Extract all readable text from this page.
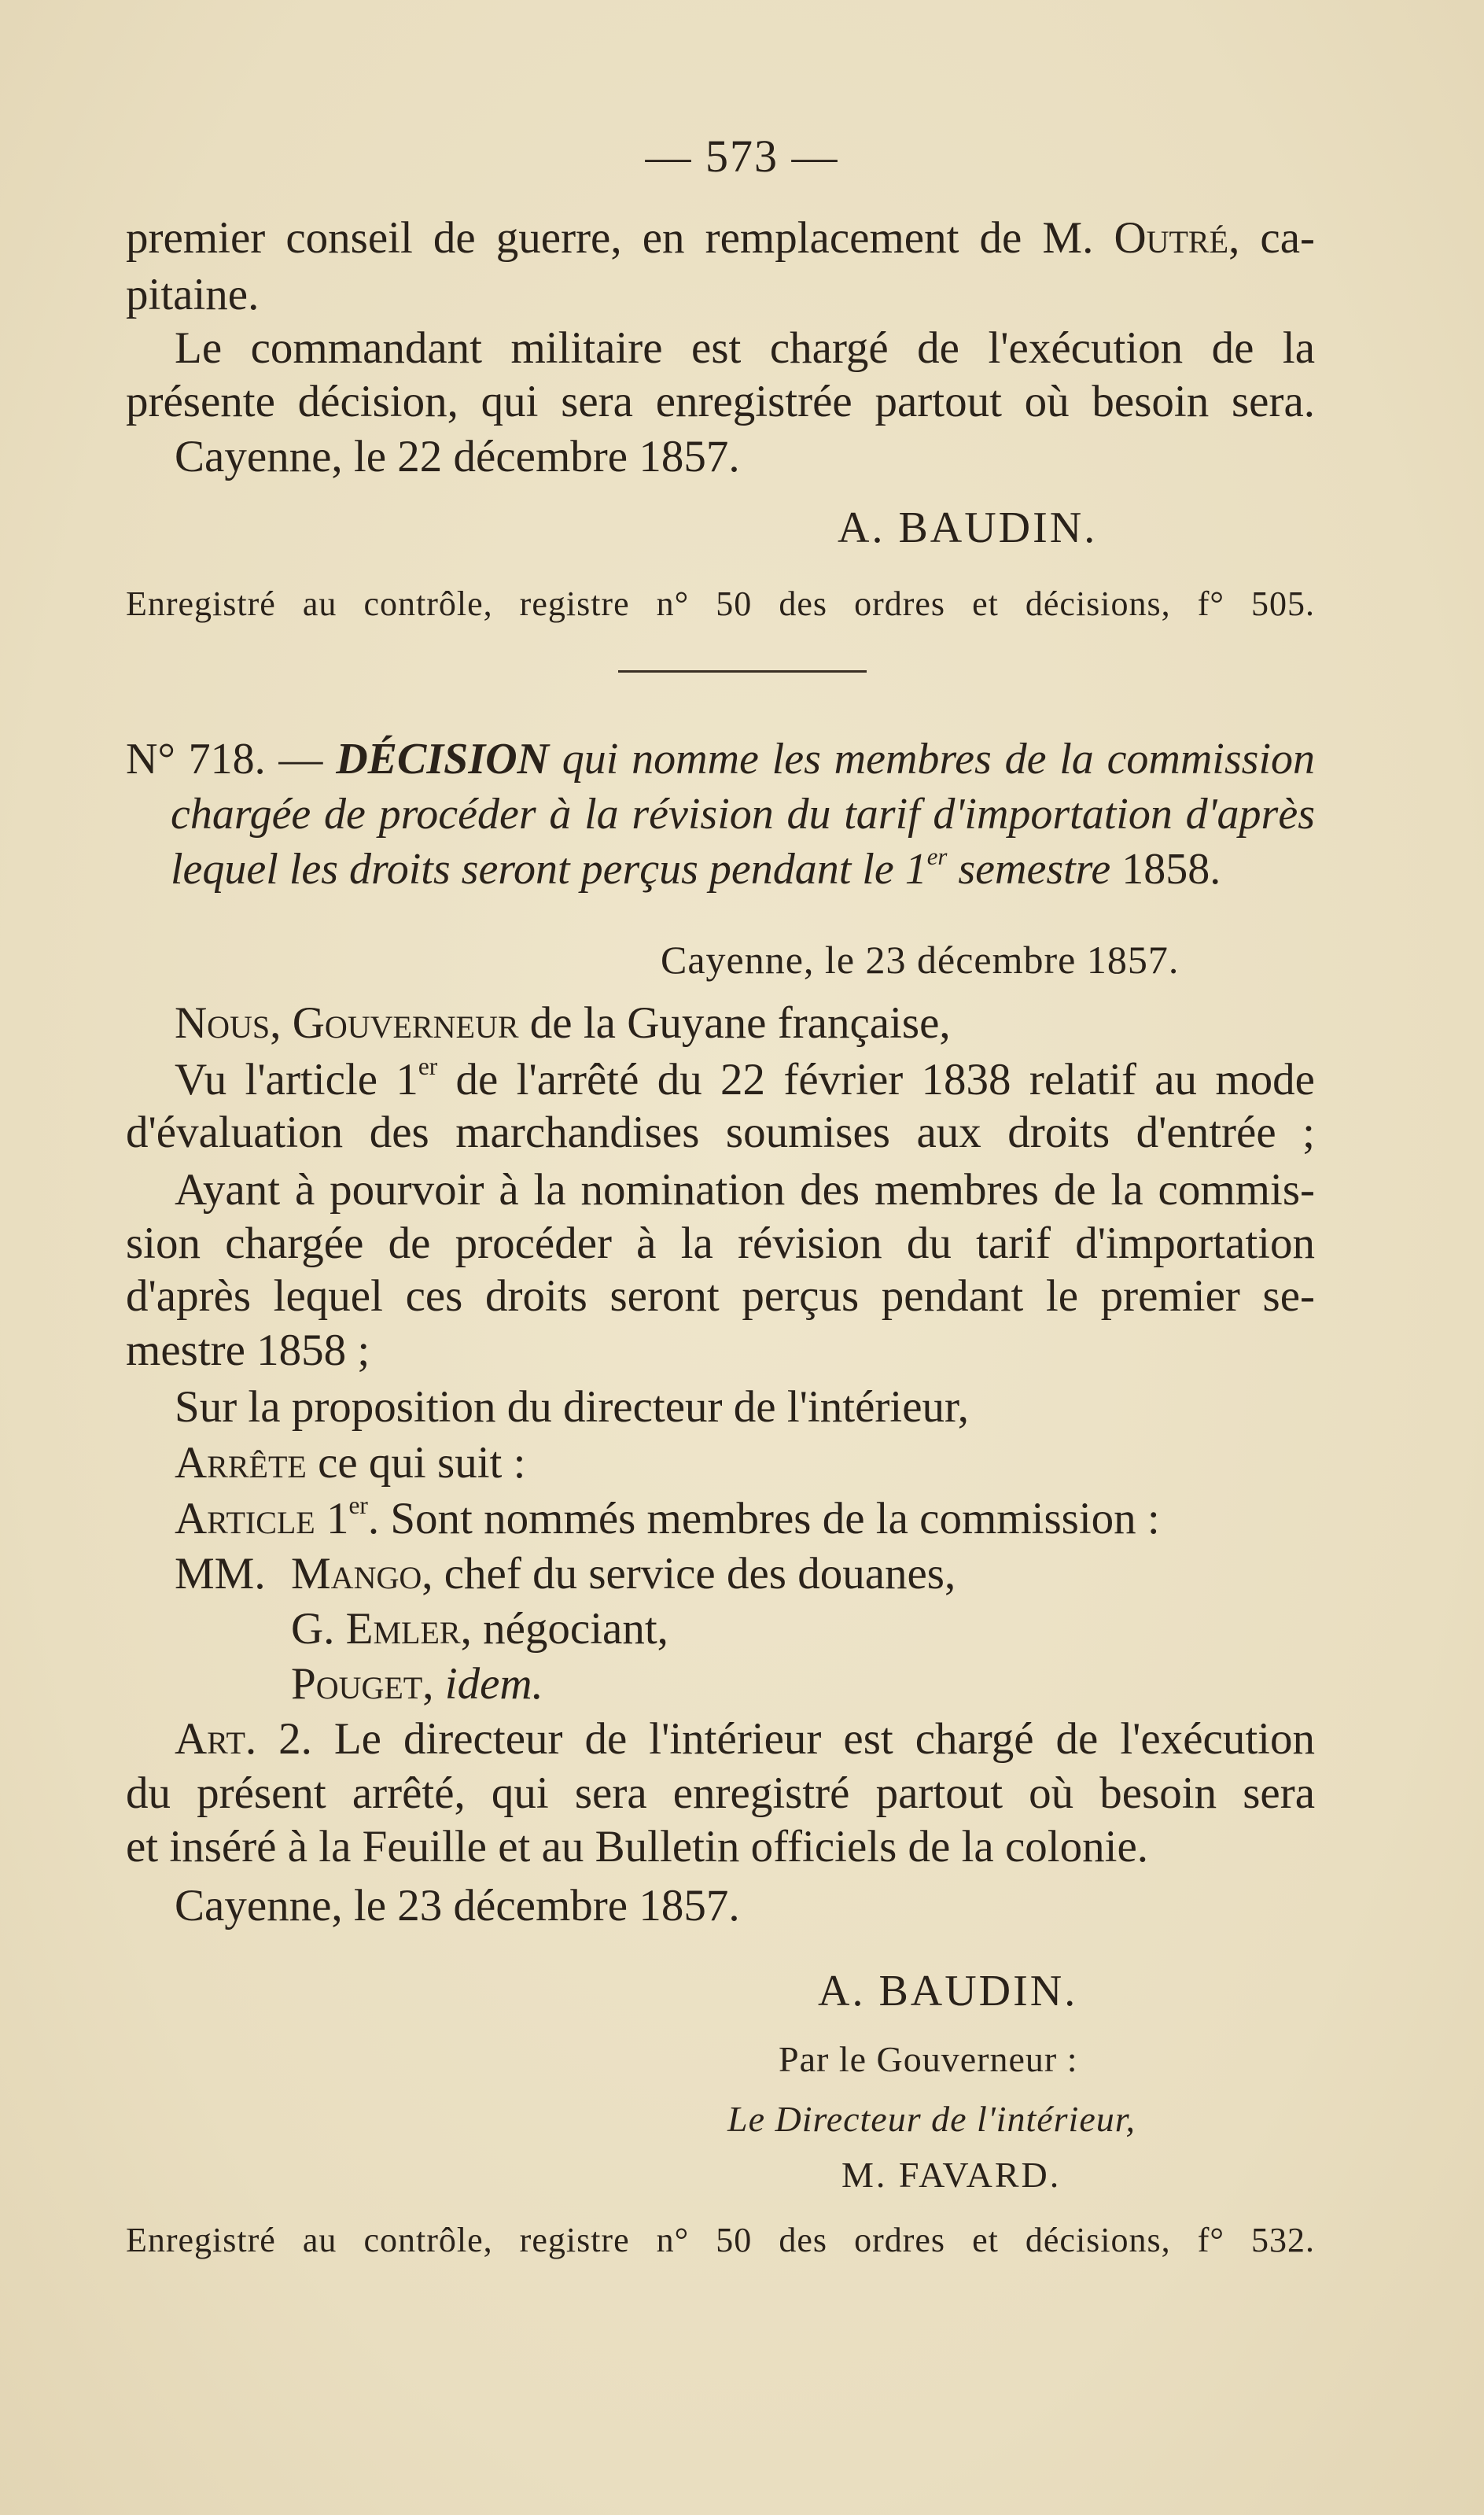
— 573 —
premier conseil de guerre, en remplacement de M. Outré, ca-
pitaine.
Le commandant militaire est chargé de l'exécution de la
présente décision, qui sera enregistrée partout où besoin sera.
Cayenne, le 22 décembre 1857.
A. BAUDIN.
Enregistré au contrôle, registre n° 50 des ordres et décisions, f° 505.
N° 718. — DÉCISION qui nomme les membres de la commission
chargée de procéder à la révision du tarif d'importation d'après
lequel les droits seront perçus pendant le 1er semestre 1858.
Cayenne, le 23 décembre 1857.
Nous, Gouverneur de la Guyane française,
Vu l'article 1er de l'arrêté du 22 février 1838 relatif au mode
d'évaluation des marchandises soumises aux droits d'entrée ;
Ayant à pourvoir à la nomination des membres de la commis-
sion chargée de procéder à la révision du tarif d'importation
d'après lequel ces droits seront perçus pendant le premier se-
mestre 1858 ;
Sur la proposition du directeur de l'intérieur,
Arrête ce qui suit :
Article 1er. Sont nommés membres de la commission :
MM. Mango, chef du service des douanes,
G. Emler, négociant,
Pouget, idem.
Art. 2. Le directeur de l'intérieur est chargé de l'exécution
du présent arrêté, qui sera enregistré partout où besoin sera
et inséré à la Feuille et au Bulletin officiels de la colonie.
Cayenne, le 23 décembre 1857.
A. BAUDIN.
Par le Gouverneur :
Le Directeur de l'intérieur,
M. FAVARD.
Enregistré au contrôle, registre n° 50 des ordres et décisions, f° 532.
